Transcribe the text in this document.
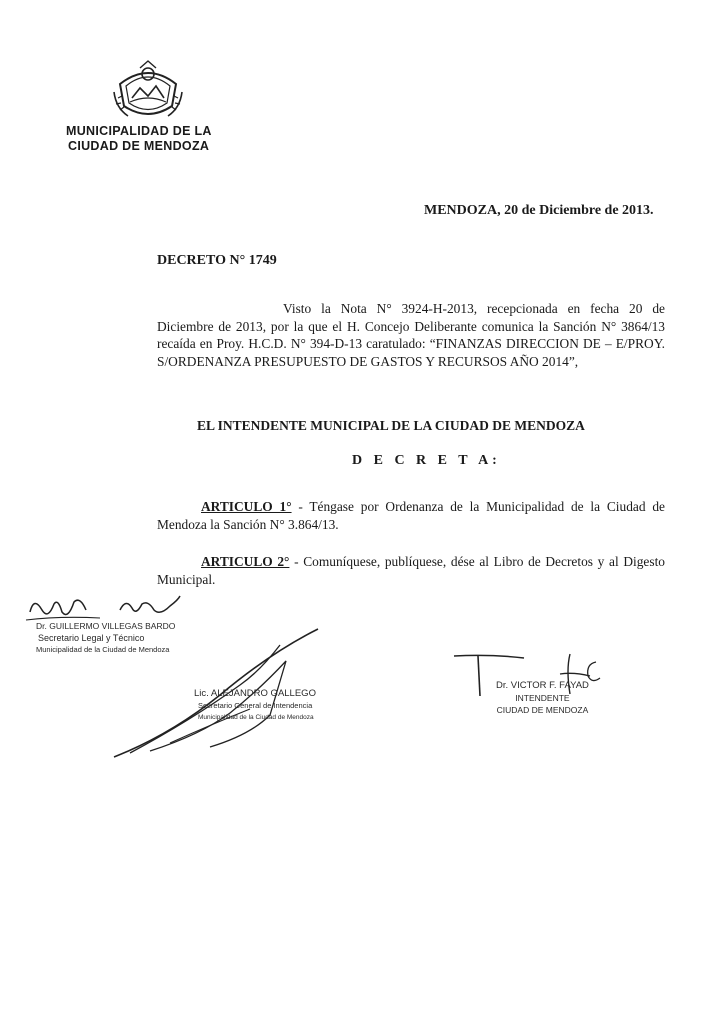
MUNICIPALIDAD DE LA
CIUDAD DE MENDOZA
MENDOZA, 20 de Diciembre de 2013.
DECRETO N° 1749
Visto la Nota N° 3924-H-2013, recepcionada en fecha 20 de Diciembre de 2013, por la que el H. Concejo Deliberante comunica la Sanción N° 3864/13 recaída en Proy. H.C.D. N° 394-D-13 caratulado: “FINANZAS DIRECCION DE – E/PROY. S/ORDENANZA PRESUPUESTO DE GASTOS Y RECURSOS AÑO 2014”,
EL INTENDENTE MUNICIPAL DE LA CIUDAD DE MENDOZA
D E C R E T A:
ARTICULO 1° - Téngase por Ordenanza de la Municipalidad de la Ciudad de Mendoza la Sanción N° 3.864/13.
ARTICULO 2° - Comuníquese, publíquese, dése al Libro de Decretos y al Digesto Municipal.
Dr. GUILLERMO VILLEGAS BARDO
Secretario Legal y Técnico
Municipalidad de la Ciudad de Mendoza
Lic. ALEJANDRO GALLEGO
Secretario General de Intendencia
Municipalidad de la Ciudad de Mendoza
Dr. VICTOR F. FAYAD
INTENDENTE
CIUDAD DE MENDOZA
